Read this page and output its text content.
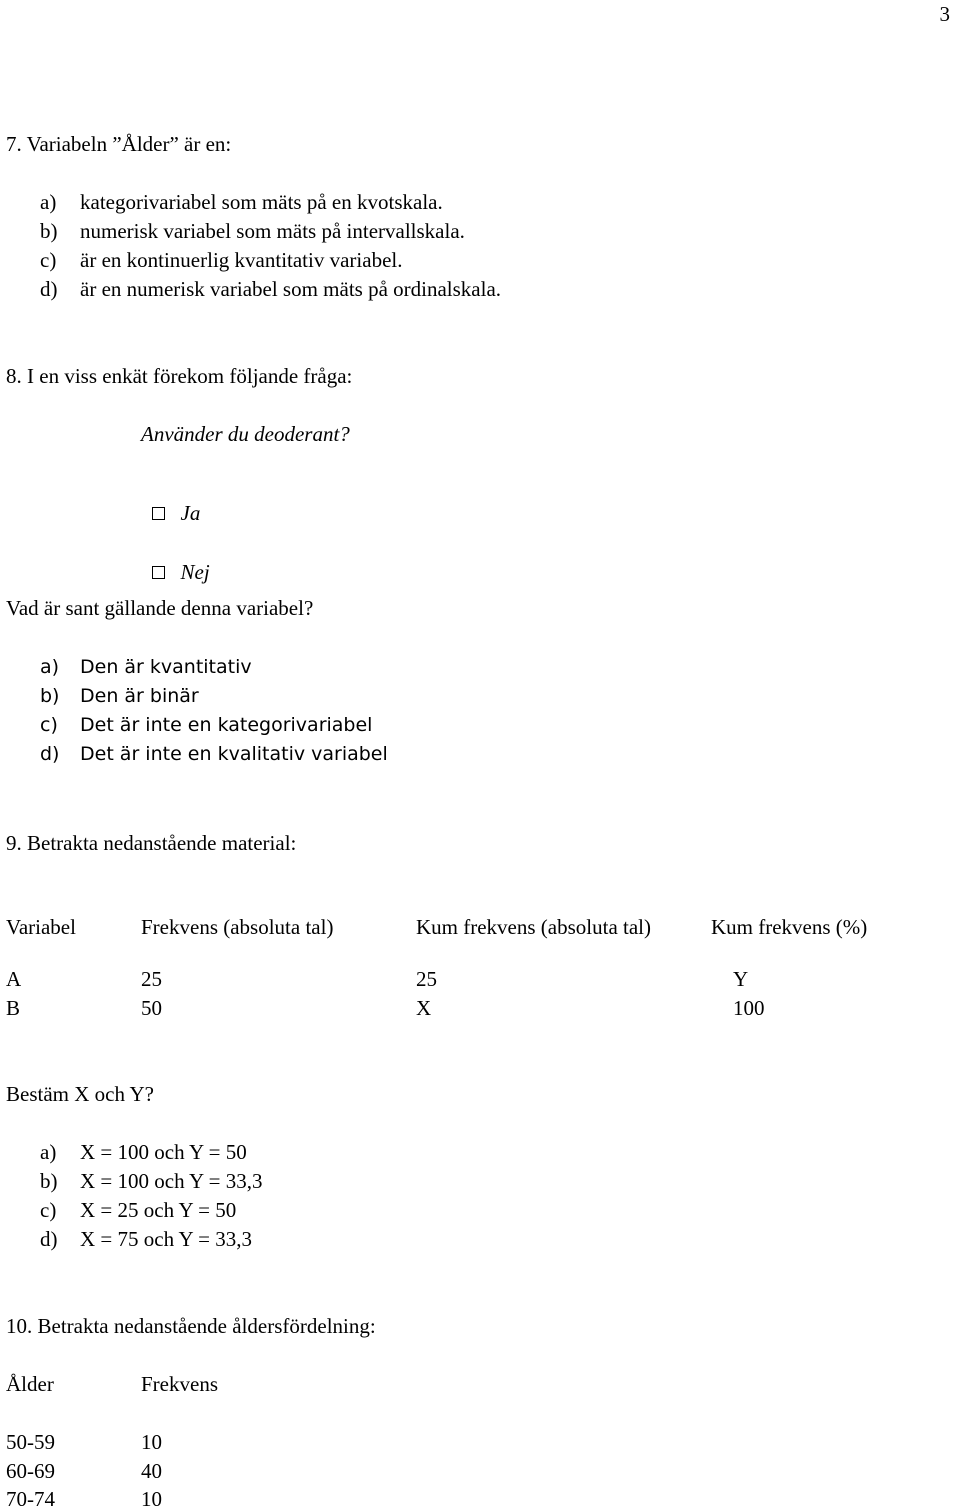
3
7. Variabeln ”Ålder” är en:
a) kategorivariabel som mäts på en kvotskala.
b) numerisk variabel som mäts på intervallskala.
c) är en kontinuerlig kvantitativ variabel.
d) är en numerisk variabel som mäts på ordinalskala.
8. I en viss enkät förekom följande fråga:
Använder du deoderant?

Ja

Nej

Vad är sant gällande denna variabel?
a) Den är kvantitativ
b) Den är binär
c) Det är inte en kategorivariabel
d) Det är inte en kvalitativ variabel
9. Betrakta nedanstående material:
Variabel	Frekvens (absoluta tal)	Kum frekvens (absoluta tal)	Kum frekvens (%)
A	25	25	Y
B	50	X	100
Bestäm X och Y?
a) X = 100 och Y = 50
b) X = 100 och Y = 33,3
c) X = 25 och Y = 50
d) X = 75 och Y = 33,3
10. Betrakta nedanstående åldersfördelning:
Ålder	Frekvens
50-59	10
60-69	40
70-74	10
